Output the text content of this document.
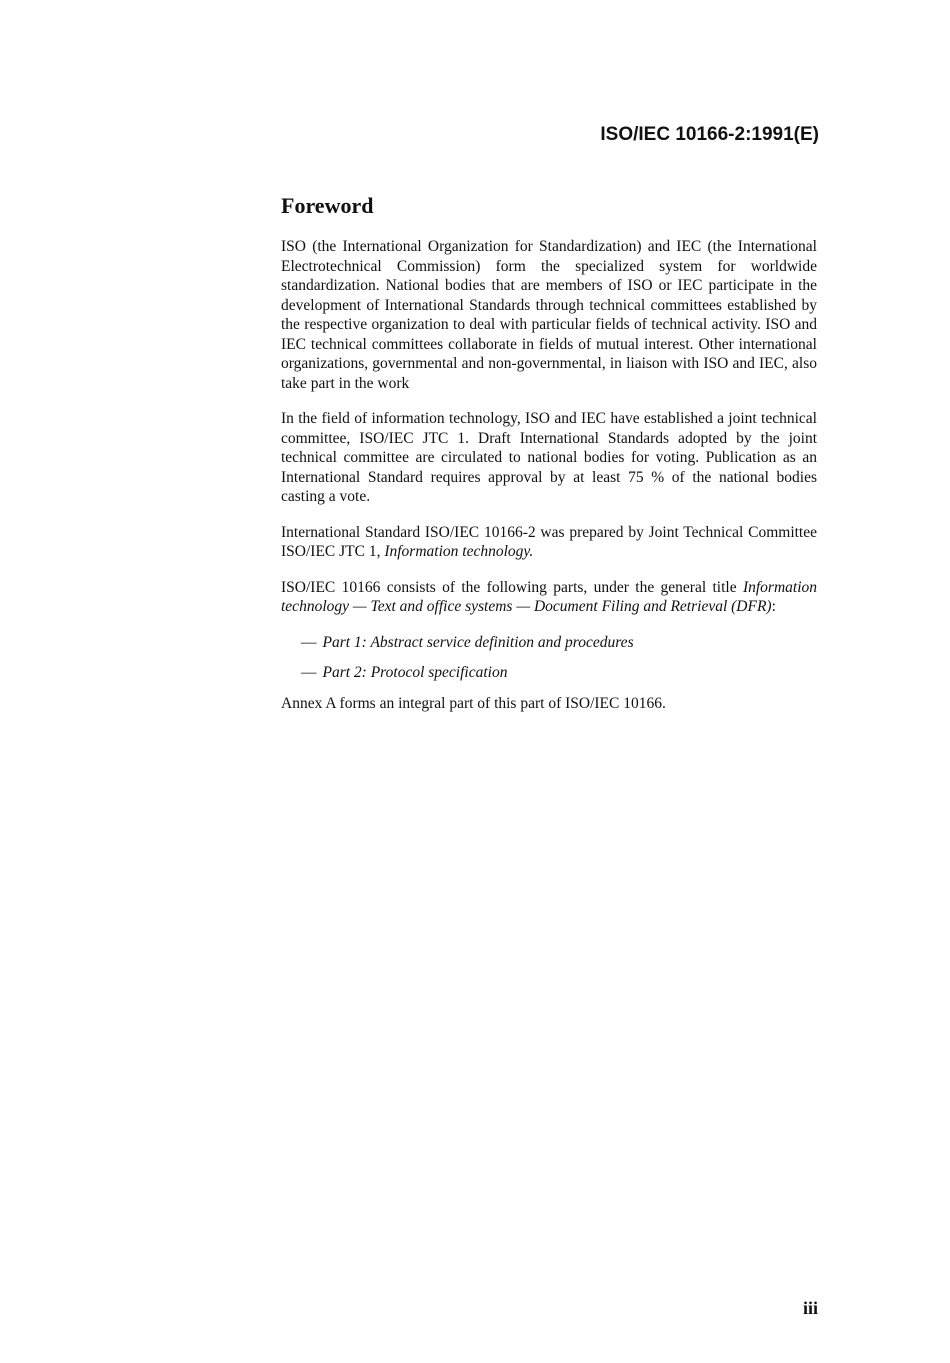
ISO/IEC 10166-2:1991(E)
Foreword

ISO (the International Organization for Standardization) and IEC (the International Electrotechnical Commission) form the specialized system for worldwide standardization. National bodies that are members of ISO or IEC participate in the development of International Standards through technical committees established by the respective organization to deal with particular fields of technical activity. ISO and IEC technical committees collaborate in fields of mutual interest. Other international organizations, governmental and non-governmental, in liaison with ISO and IEC, also take part in the work

In the field of information technology, ISO and IEC have established a joint technical committee, ISO/IEC JTC 1. Draft International Standards adopted by the joint technical committee are circulated to national bodies for voting. Publication as an International Standard requires approval by at least 75 % of the national bodies casting a vote.

International Standard ISO/IEC 10166-2 was prepared by Joint Technical Committee ISO/IEC JTC 1, Information technology.

ISO/IEC 10166 consists of the following parts, under the general title Information technology — Text and office systems — Document Filing and Retrieval (DFR):

— Part 1: Abstract service definition and procedures
— Part 2: Protocol specification

Annex A forms an integral part of this part of ISO/IEC 10166.

iii
